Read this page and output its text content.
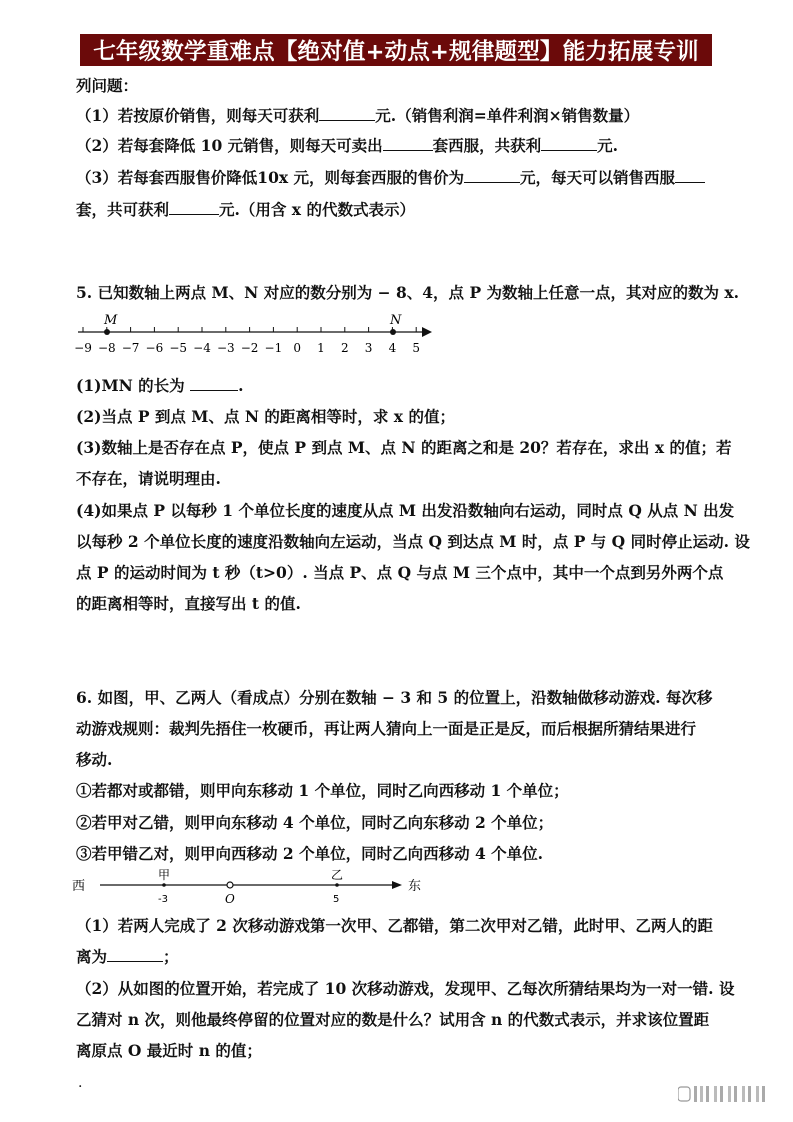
七年级数学重难点【绝对值+动点+规律题型】能力拓展专训
列问题：
（1）若按原价销售，则每天可获利	元.（销售利润=单件利润×销售数量）
（2）若每套降低 10 元销售，则每天可卖出	套西服，共获利	元.
（3）若每套西服售价降低10x 元，则每套西服的售价为	元，每天可以销售西服
套，共可获利	元.（用含 x 的代数式表示）
5. 已知数轴上两点 M、N 对应的数分别为 − 8、4，点 P 为数轴上任意一点，其对应的数为 x.
−9 −8 −7 −6 −5 −4 −3 −2 −1 0 1 2 3 4 5
M	N
(1)MN 的长为	.
(2)当点 P 到点 M、点 N 的距离相等时，求 x 的值；
(3)数轴上是否存在点 P，使点 P 到点 M、点 N 的距离之和是 20？若存在，求出 x 的值；若
不存在，请说明理由.
(4)如果点 P 以每秒 1 个单位长度的速度从点 M 出发沿数轴向右运动，同时点 Q 从点 N 出发
以每秒 2 个单位长度的速度沿数轴向左运动，当点 Q 到达点 M 时，点 P 与 Q 同时停止运动. 设
点 P 的运动时间为 t 秒（t>0）. 当点 P、点 Q 与点 M 三个点中，其中一个点到另外两个点
的距离相等时，直接写出 t 的值.
6. 如图，甲、乙两人（看成点）分别在数轴 − 3 和 5 的位置上，沿数轴做移动游戏. 每次移
动游戏规则：裁判先捂住一枚硬币，再让两人猜向上一面是正是反，而后根据所猜结果进行
移动.
①若都对或都错，则甲向东移动 1 个单位，同时乙向西移动 1 个单位；
②若甲对乙错，则甲向东移动 4 个单位，同时乙向东移动 2 个单位；
③若甲错乙对，则甲向西移动 2 个单位，同时乙向西移动 4 个单位.
西	东
甲
-3	O
乙
5
（1）若两人完成了 2 次移动游戏第一次甲、乙都错，第二次甲对乙错，此时甲、乙两人的距
离为	；
（2）从如图的位置开始，若完成了 10 次移动游戏，发现甲、乙每次所猜结果均为一对一错. 设
乙猜对 n 次，则他最终停留的位置对应的数是什么？试用含 n 的代数式表示，并求该位置距
离原点 O 最近时 n 的值；
.
